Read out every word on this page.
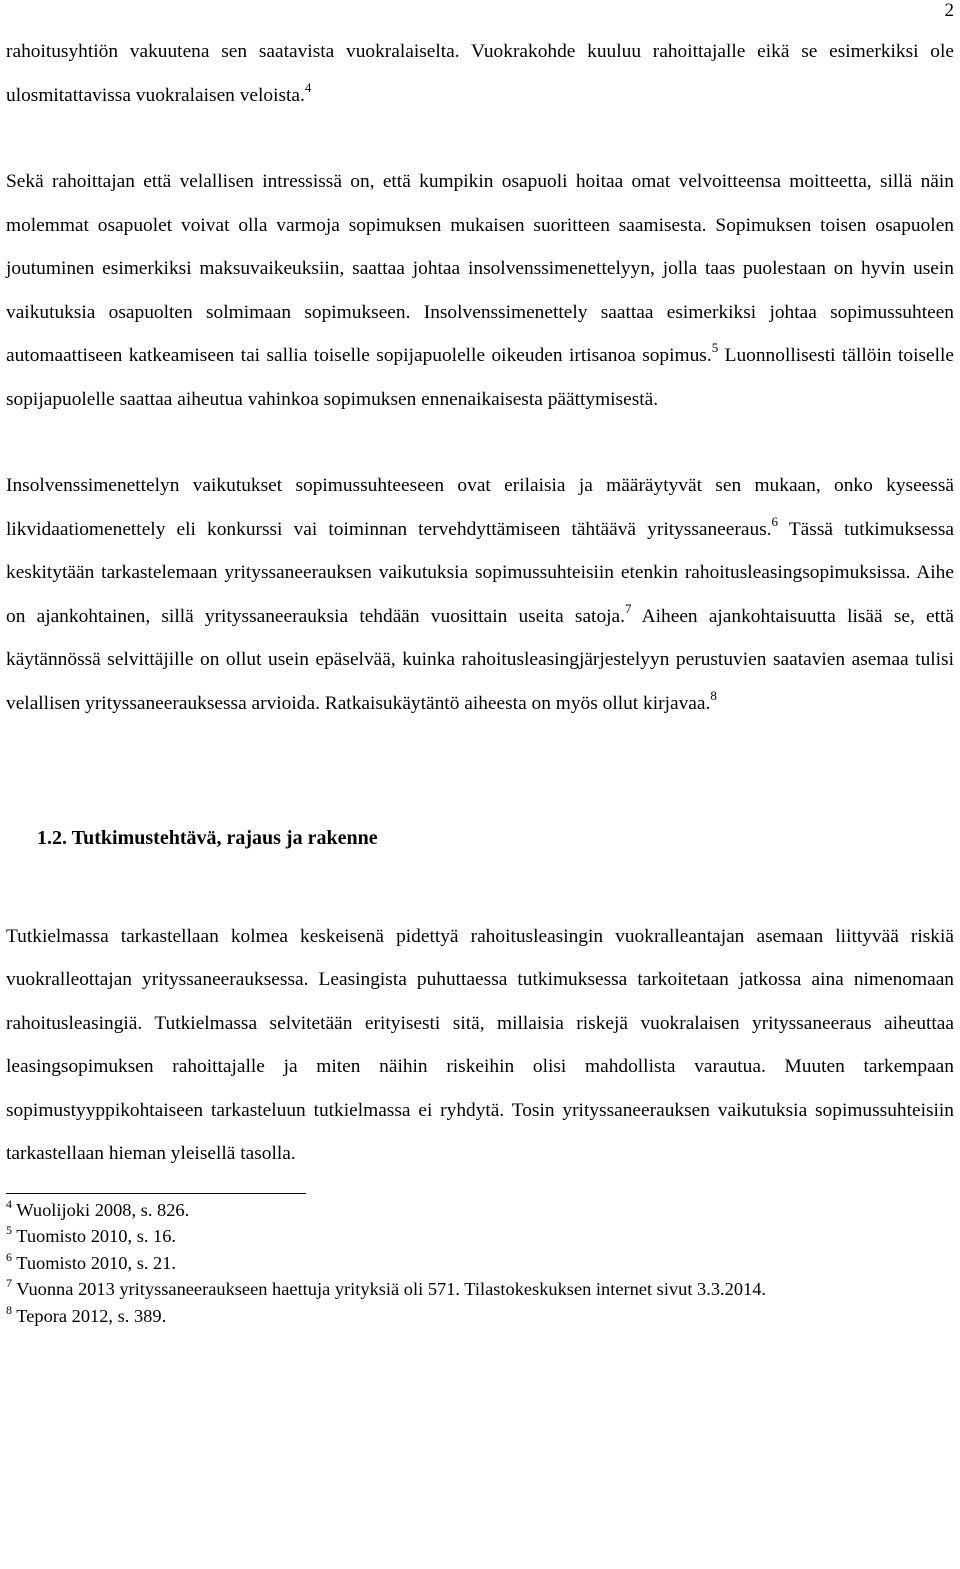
2

rahoitusyhtiön vakuutena sen saatavista vuokralaiselta. Vuokrakohde kuuluu rahoittajalle eikä se esimerkiksi ole ulosmitattavissa vuokralaisen veloista.$^4$

Sekä rahoittajan että velallisen intressissä on, että kumpikin osapuoli hoitaa omat velvoitteensa moitteetta, sillä näin molemmat osapuolet voivat olla varmoja sopimuksen mukaisen suoritteen saamisesta. Sopimuksen toisen osapuolen joutuminen esimerkiksi maksuvaikeuksiin, saattaa johtaa insolvenssimenettelyyn, jolla taas puolestaan on hyvin usein vaikutuksia osapuolten solmimaan sopimukseen. Insolvenssimenettely saattaa esimerkiksi johtaa sopimussuhteen automaattiseen katkeamiseen tai sallia toiselle sopijapuolelle oikeuden irtisanoa sopimus.$^5$ Luonnollisesti tällöin toiselle sopijapuolelle saattaa aiheutua vahinkoa sopimuksen ennenaikaisesta päättymisestä.

Insolvenssimenettelyn vaikutukset sopimussuhteeseen ovat erilaisia ja määräytyvät sen mukaan, onko kyseessä likvidaatiomenettely eli konkurssi vai toiminnan tervehdyttämiseen tähtäävä yrityssaneeraus.$^6$ Tässä tutkimuksessa keskitytään tarkastelemaan yrityssaneerauksen vaikutuksia sopimussuhteisiin etenkin rahoitusleasingsopimuksissa. Aihe on ajankohtainen, sillä yrityssaneerauksia tehdään vuosittain useita satoja.$^7$ Aiheen ajankohtaisuutta lisää se, että käytännössä selvittäjille on ollut usein epäselvää, kuinka rahoitusleasingjärjestelyyn perustuvien saatavien asemaa tulisi velallisen yrityssaneerauksessa arvioida. Ratkaisukäytäntö aiheesta on myös ollut kirjavaa.$^8$

1.2. Tutkimustehtävä, rajaus ja rakenne

Tutkielmassa tarkastellaan kolmea keskeisenä pidettyä rahoitusleasingin vuokralleantajan asemaan liittyvää riskiä vuokralleottajan yrityssaneerauksessa. Leasingista puhuttaessa tutkimuksessa tarkoitetaan jatkossa aina nimenomaan rahoitusleasingiä. Tutkielmassa selvitetään erityisesti sitä, millaisia riskejä vuokralaisen yrityssaneeraus aiheuttaa leasingsopimuksen rahoittajalle ja miten näihin riskeihin olisi mahdollista varautua. Muuten tarkempaan sopimustyyppikohtaiseen tarkasteluun tutkielmassa ei ryhdytä. Tosin yrityssaneerauksen vaikutuksia sopimussuhteisiin tarkastellaan hieman yleisellä tasolla.

$^4$ Wuolijoki 2008, s. 826.

$^5$ Tuomisto 2010, s. 16.

$^6$ Tuomisto 2010, s. 21.

$^7$ Vuonna 2013 yrityssaneeraukseen haettuja yrityksiä oli 571. Tilastokeskuksen internet sivut 3.3.2014.

$^8$ Tepora 2012, s. 389.
